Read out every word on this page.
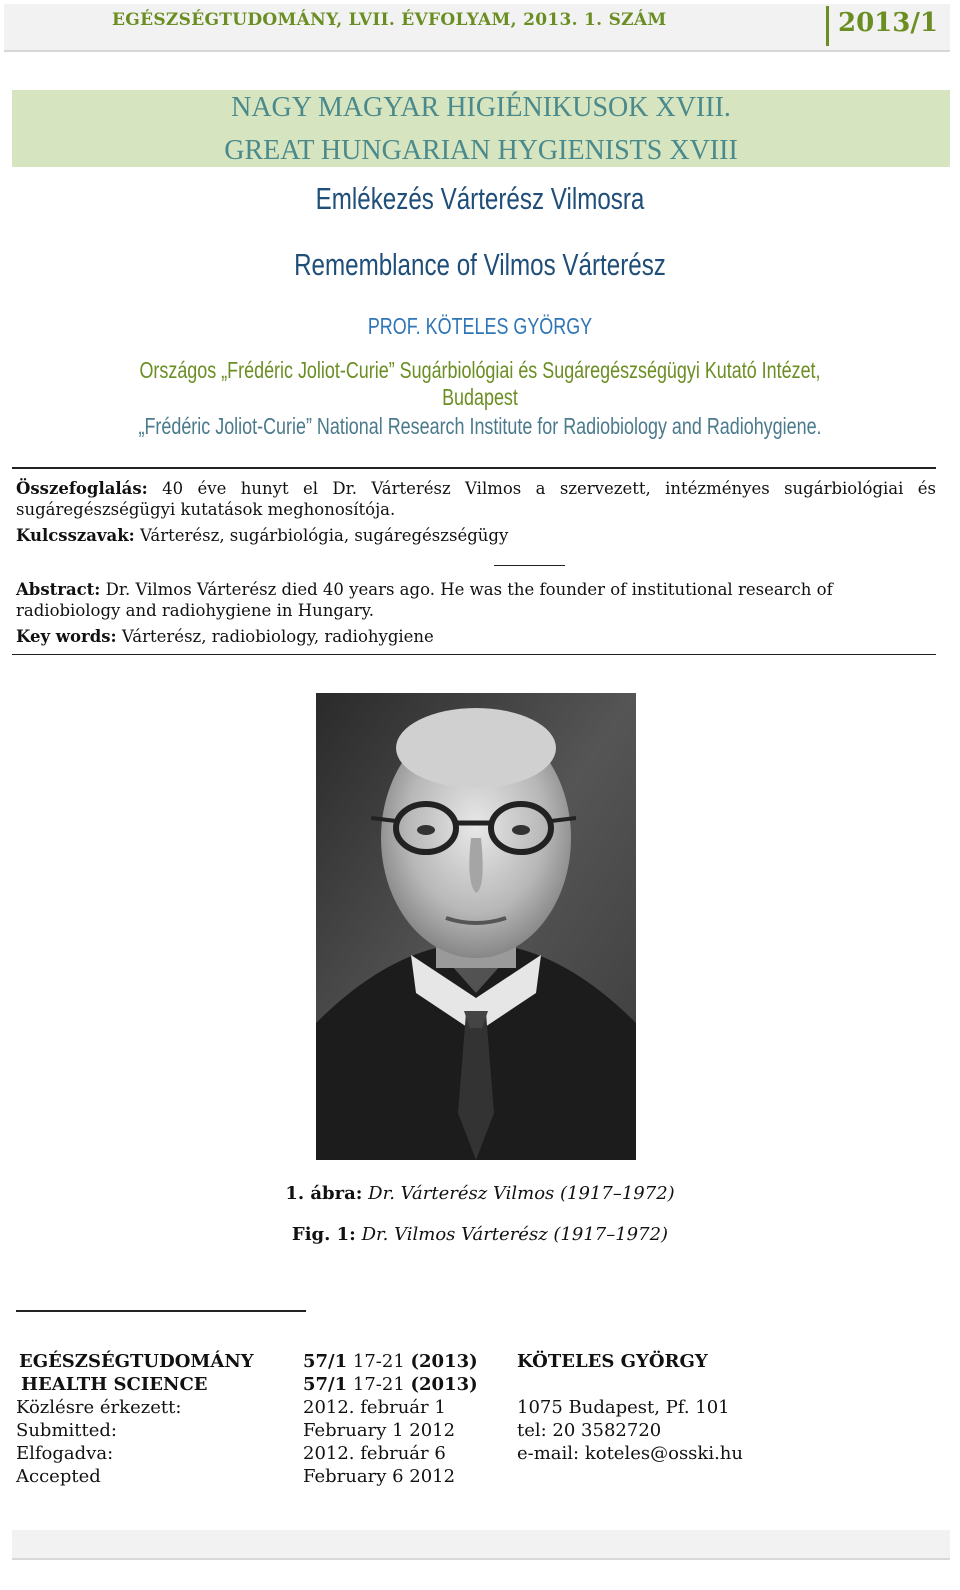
EGÉSZSÉGTUDOMÁNY, LVII. ÉVFOLYAM, 2013. 1. SZÁM	2013/1
NAGY MAGYAR HIGIÉNIKUSOK XVIII.
GREAT HUNGARIAN HYGIENISTS XVIII
Emlékezés Várterész Vilmosra
Rememblance of Vilmos Várterész
PROF. KÖTELES GYÖRGY
Országos „Frédéric Joliot-Curie” Sugárbiológiai és Sugáregészségügyi Kutató Intézet, Budapest
„Frédéric Joliot-Curie” National Research Institute for Radiobiology and Radiohygiene.
Összefoglalás: 40 éve hunyt el Dr. Várterész Vilmos a szervezett, intézményes sugárbiológiai és sugáregészségügyi kutatások meghonosítója.
Kulcsszavak: Várterész, sugárbiológia, sugáregészségügy
Abstract: Dr. Vilmos Várterész died 40 years ago. He was the founder of institutional research of radiobiology and radiohygiene in Hungary.
Key words: Várterész, radiobiology, radiohygiene
1. ábra: Dr. Várterész Vilmos (1917–1972)
Fig. 1: Dr. Vilmos Várterész (1917–1972)
EGÉSZSÉGTUDOMÁNY
HEALTH SCIENCE
Közlésre érkezett:
Submitted:
Elfogadva:
Accepted
57/1 17-21 (2013)
57/1 17-21 (2013)
2012. február 1
February 1 2012
2012. február 6
February 6 2012
KÖTELES GYÖRGY
1075 Budapest, Pf. 101
tel: 20 3582720
e-mail: koteles@osski.hu
